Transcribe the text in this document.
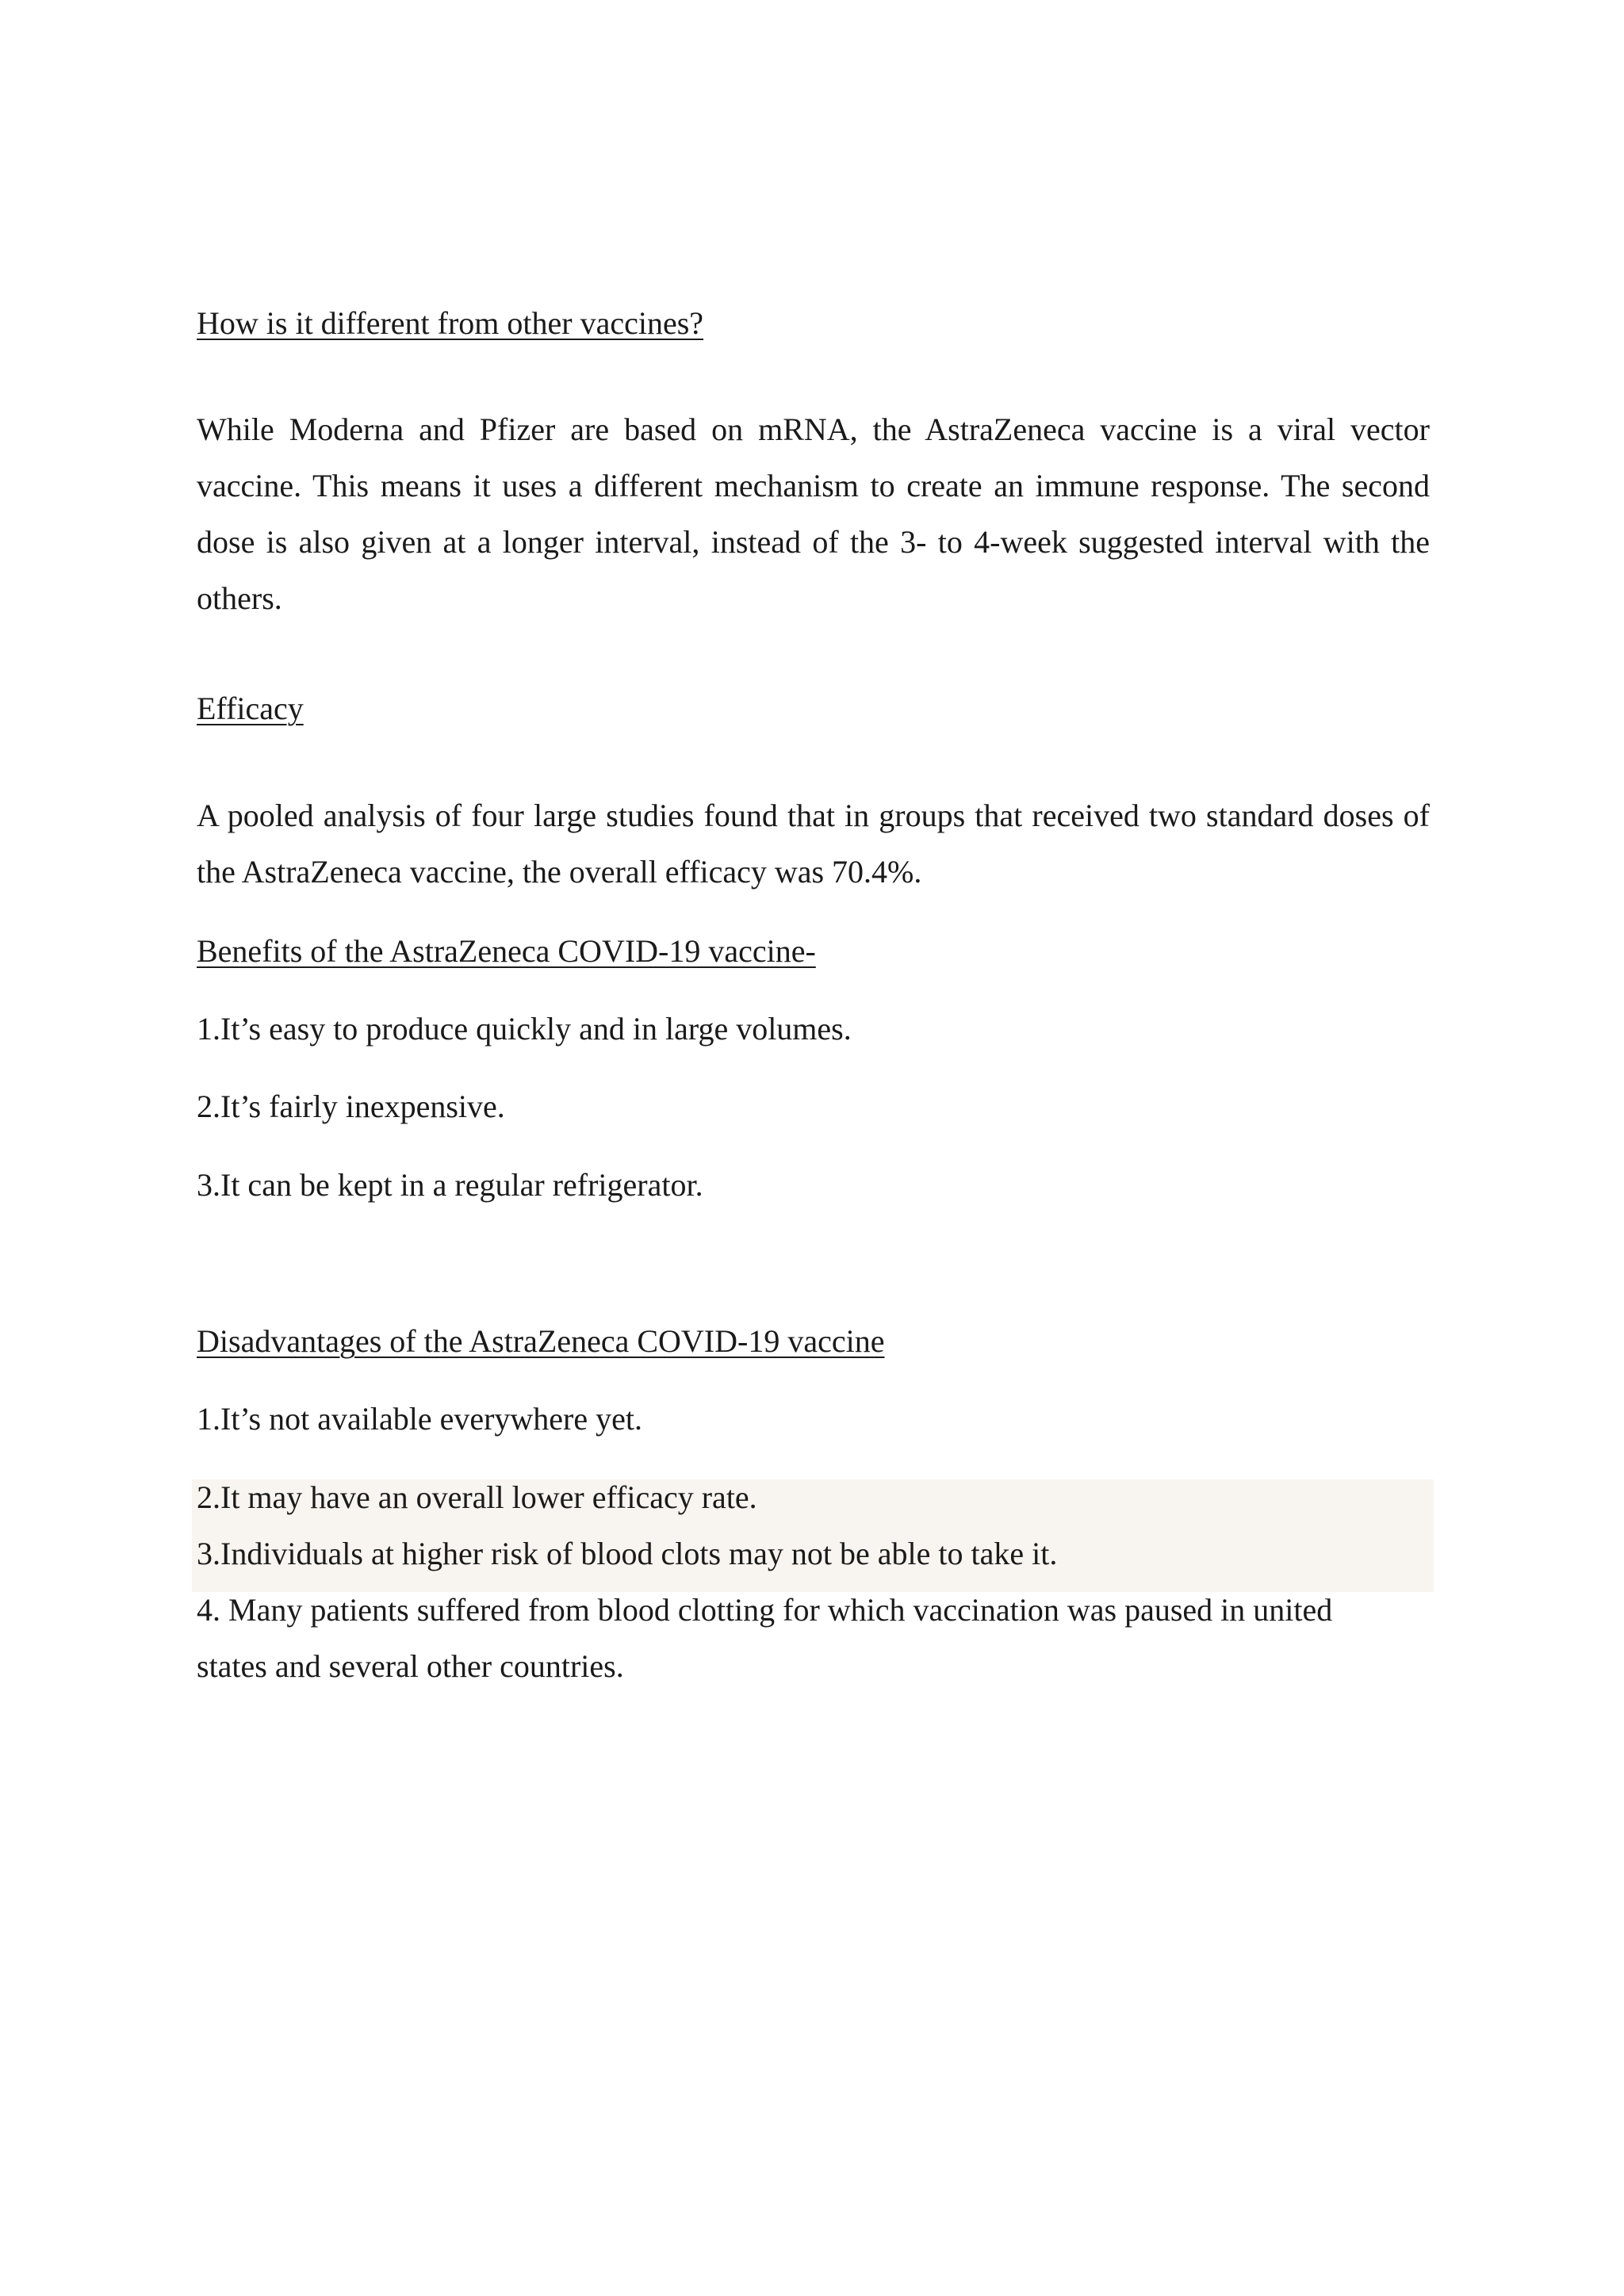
How is it different from other vaccines?

While Moderna and Pfizer are based on mRNA, the AstraZeneca vaccine is a viral vector vaccine. This means it uses a different mechanism to create an immune response. The second dose is also given at a longer interval, instead of the 3- to 4-week suggested interval with the others.

Efficacy

A pooled analysis of four large studies found that in groups that received two standard doses of the AstraZeneca vaccine, the overall efficacy was 70.4%.

Benefits of the AstraZeneca COVID-19 vaccine-

1.It’s easy to produce quickly and in large volumes.

2.It’s fairly inexpensive.

3.It can be kept in a regular refrigerator.

Disadvantages of the AstraZeneca COVID-19 vaccine

1.It’s not available everywhere yet.

2.It may have an overall lower efficacy rate.

3.Individuals at higher risk of blood clots may not be able to take it.

4. Many patients suffered from blood clotting for which vaccination was paused in united states and several other countries.
